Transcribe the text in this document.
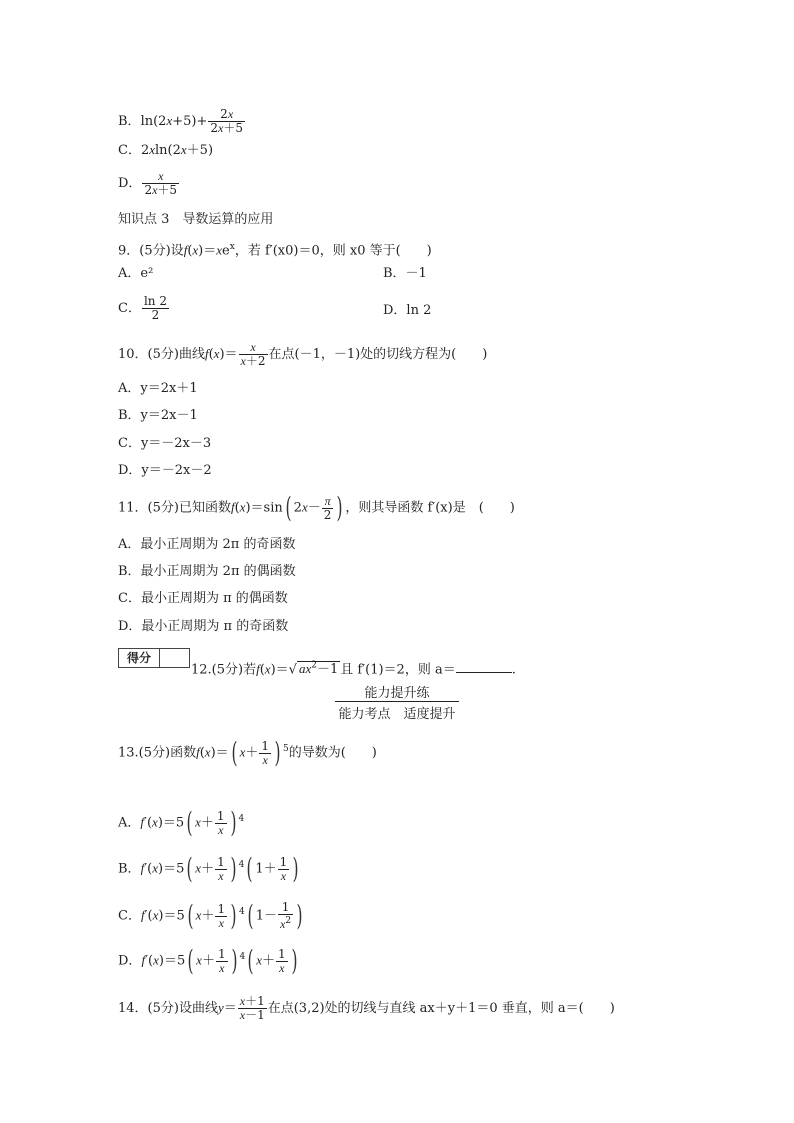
B．$\ln(2x+5)+ \frac{2x}{2x+5}$
C．2xln(2x＋5)
D． $\frac{x}{2x+5}$
知识点 3　导数运算的应用
9．(5分)设$f(x)=xe^x$，若 f′(x0)＝0，则 x0 等于(　　)
A．e²	B．－1
C． $\frac{\ln 2}{2}$	D．ln 2
10．(5分)曲线$f(x)= \frac{x}{x+2}$ 在点(－1，－1)处的切线方程为(　　)
A．y＝2x＋1
B．y＝2x－1
C．y＝－2x－3
D．y＝－2x－2
11．(5分)已知函数f(x)＝sin( $2x- \frac{\pi}{2}$ ) ，则其导函数 f′(x)是　(　　)
A．最小正周期为 2π 的奇函数
B．最小正周期为 2π 的偶函数
C．最小正周期为 π 的偶函数
D．最小正周期为 π 的奇函数
得分
12.(5分)若f(x)＝√ $ax^2-1$ 且 f′(1)＝2，则 a＝	.
能力提升练
能力考点　适度提升
13.(5分)函数f(x)＝( $x+ \frac{1}{x}$ ) $^5$的导数为(　　)
A．f′(x)＝5( $x+ \frac{1}{x}$ ) $^4$
B．f′(x)＝5( $x+ \frac{1}{x}$ ) $^4$( $1+ \frac{1}{x}$ )
C．f′(x)＝5( $x+ \frac{1}{x}$ ) $^4$( $1- \frac{1}{x^2}$ )
D．f′(x)＝5( $x+ \frac{1}{x}$ ) $^4$( $x+ \frac{1}{x}$ )
14．(5分)设曲线$y= \frac{x+1}{x-1}$ 在点(3,2)处的切线与直线 ax＋y＋1＝0 垂直，则 a＝(　　)
